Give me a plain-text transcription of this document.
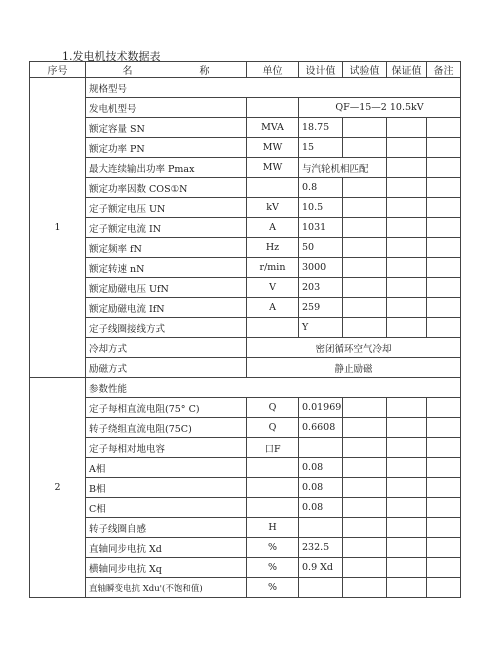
1.发电机技术数据表
序号	名 称	单位	设计值	试验值	保证值	备注
1	规格型号					
	发电机型号		QF—15—2 10.5kV			
	额定容量 SN	MVA	18.75			
	额定功率 PN	MW	15			
	最大连续输出功率 Pmax	MW	与汽轮机相匹配			
	额定功率因数 COS①N		0.8			
	定子额定电压 UN	kV	10.5			
	定子额定电流 IN	A	1031			
	额定频率 fN	Hz	50			
	额定转速 nN	r/min	3000			
	额定励磁电压 UfN	V	203			
	额定励磁电流 IfN	A	259			
	定子线圈接线方式		Y			
	冷却方式	密闭循环空气冷却				
	励磁方式	静止励磁				
2	参数性能					
	定子每相直流电阻(75° C)	Q	0.01969			
	转子绕组直流电阻(75C)	Q	0.6608			
	定子每相对地电容	口F				
	A相		0.08			
	B相		0.08			
	C相		0.08			
	转子线圈自感	H				
	直轴同步电抗 Xd	%	232.5			
	横轴同步电抗 Xq	%	0.9 Xd			
	直轴瞬变电抗 Xdu'(不饱和值)	%				
